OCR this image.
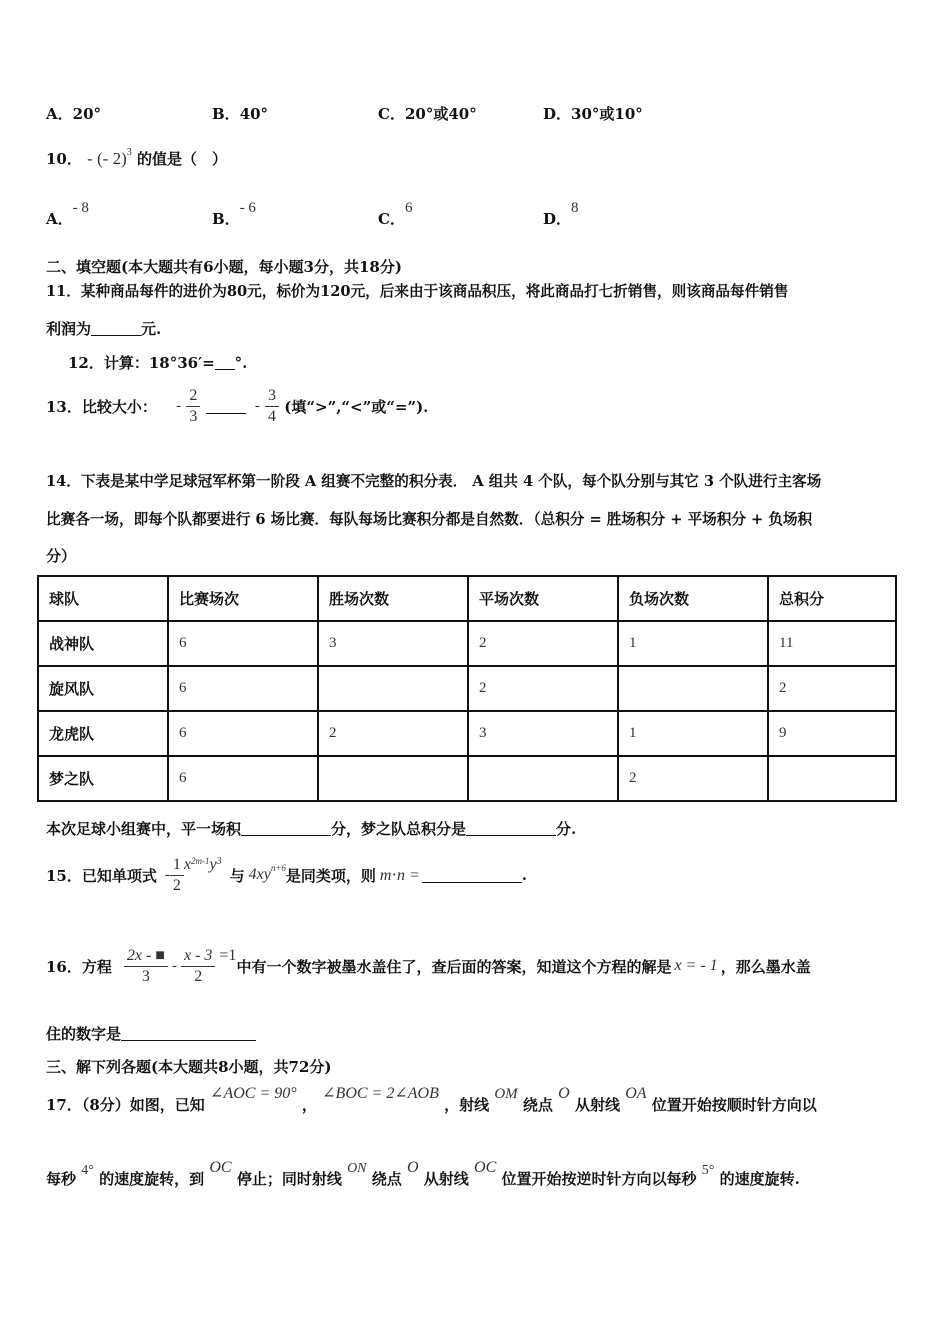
A．20°	B．40°	C．20°或40°	D．30°或10°
10． - (- 2)$^3$ 的值是（　）
A．- 8
B．- 6
C．6
D．8
二、填空题(本大题共有6小题，每小题3分，共18分)
11．某种商品每件的进价为80元，标价为120元，后来由于该商品积压，将此商品打七折销售，则该商品每件销售
利润为	元.
12．计算：18°36′= °.
13．比较大小： - $\frac{2}{3}$	- $\frac{3}{4}$ (填“>”,“<”或“=”).
14．下表是某中学足球冠军杯第一阶段 A 组赛不完整的积分表． A 组共 4 个队，每个队分别与其它 3 个队进行主客场
比赛各一场，即每个队都要进行 6 场比赛．每队每场比赛积分都是自然数．（总积分 = 胜场积分 + 平场积分 + 负场积
分）
球队	比赛场次	胜场次数	平场次数	负场次数	总积分
战神队	6	3	2	1	11
旋风队	6		2		2
龙虎队	6	2	3	1	9
梦之队	6			2	
本次足球小组赛中，平一场积	分，梦之队总积分是	分.
15．已知单项式 - $\frac{1}{2} x^{2m-1}y^3$
与 $4xy^{n+6}$ 是同类项，则 m⋅n =	.
16．方程 $\frac{2x - ■}{3} - \frac{x - 3}{2} =1$
中有一个数字被墨水盖住了，查后面的答案，知道这个方程的解是 x = - 1 ，那么墨水盖
住的数字是
三、解下列各题(本大题共8小题，共72分)
17．（8分）如图，已知 ∠AOC = 90° ， ∠BOC = 2∠AOB ，射线 OM 绕点 O 从射线 OA 位置开始按顺时针方向以
每秒 4° 的速度旋转，到 OC 停止；同时射线 ON 绕点 O 从射线 OC 位置开始按逆时针方向以每秒 5° 的速度旋转.
